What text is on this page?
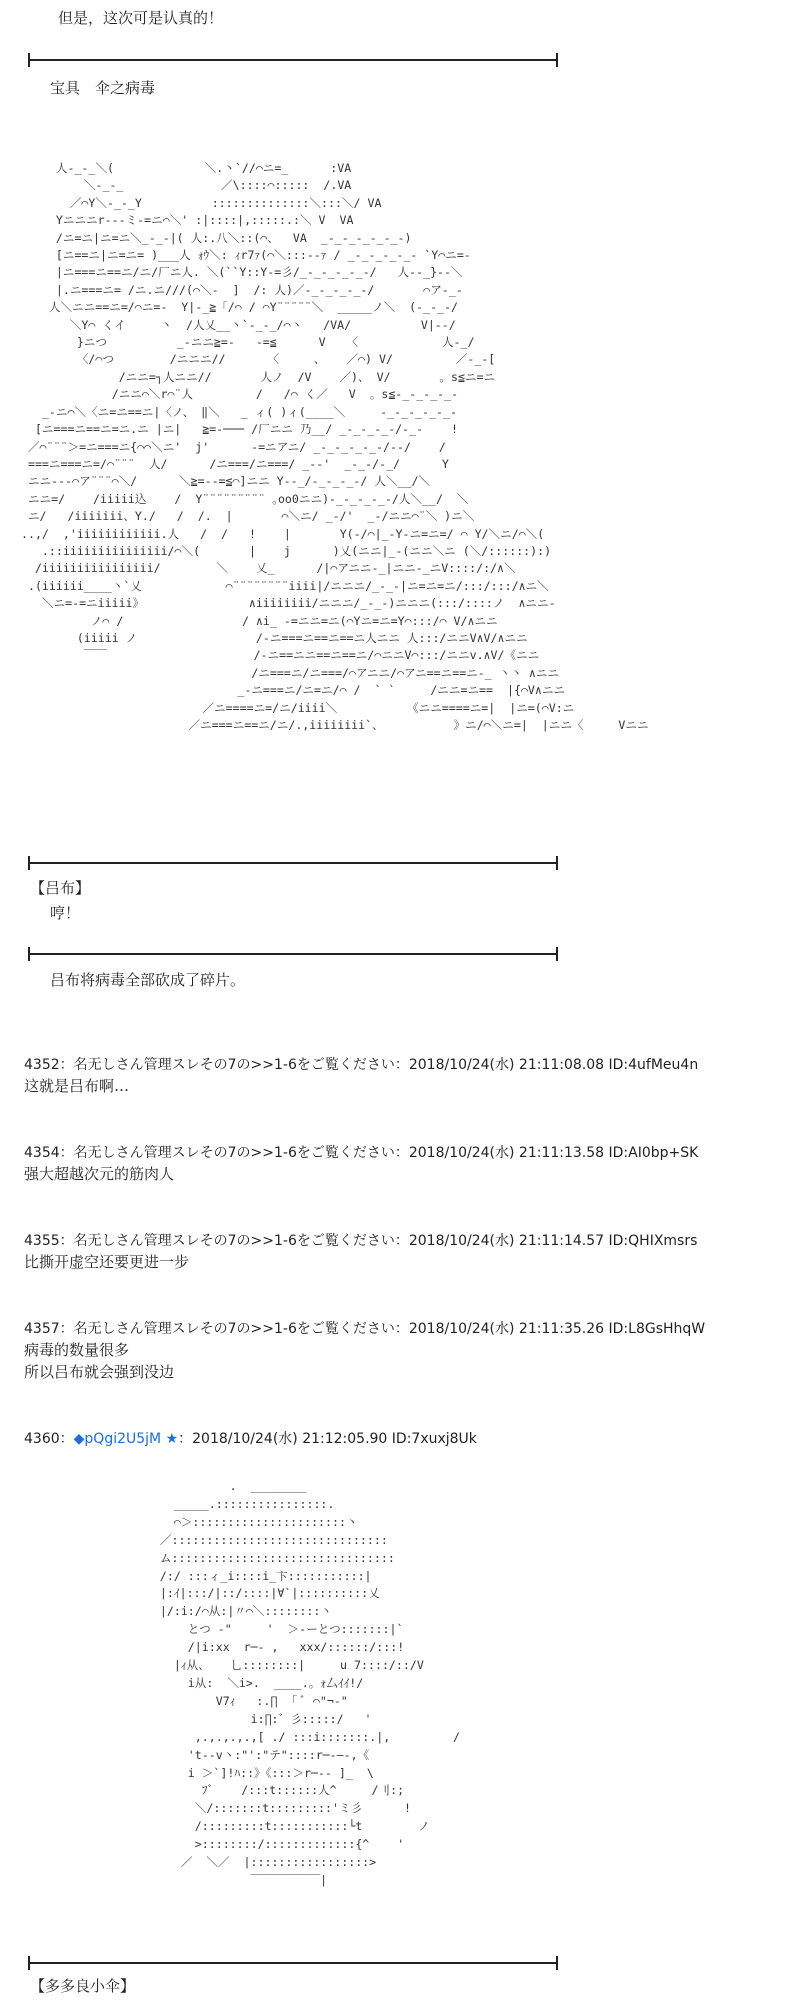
但是，这次可是认真的！
宝具　伞之病毒
人-_-_＼(             ＼.丶`//⌒ニ=_      :VA
＼-_-_              ／\::::⌒:::::  /.VA
／⌒Y＼-_-_Y          ::::::::::::::＼:::＼/ VA
Yニニニr---ミ-=ニ⌒＼' :|::::|,:::::.:＼ V  VA
/ニ=ニ|ニ=ニ＼_-_-|( 人:.八＼::(⌒、  VA  _-_-_-_-_-_-)
[ニ==ニ|ニ=ニ= )___人 ｫｳ＼: ｨr7ｧ(⌒＼:::--ｧ / _-_-_-_-_- `Y⌒ニ=-
|ニ===ニ==ニ/ニ/厂ニ人. ＼(``Y::Y-=彡/_-_-_-_-_-/   人--_}--＼
|.ニ===ニ= /ニ.ニ///(⌒＼-  ]  /: 人)／-_-_-_-_-/       ⌒ア-_-
人＼ニニ==ニ=/⌒ニ=-  Y|-_≧「/⌒ / ⌒Y¨¨¨¨¨＼  _____ノ＼  (-_-_-/
＼Y⌒ くイ     丶  /人乂__丶`-_-_/⌒丶   /VA/          V|--/
}ニつ          _-ニニ≧=-   -=≦      V   〈            人-_/
〈/⌒つ        /ニニニ//      〈     、   ／⌒) V/         ／-_-[
/ニニ=┐人ニニ//       人ノ  /V    ／)、 V/       。s≦ニ=ニ
/ニニ⌒＼r⌒¨人         /   /⌒ く／   V  。s≦-_-_-_-_-
_-ニ⌒＼〈ニ=ニ==ニ|〈ノ、 ‖＼   _ ィ( )ィ(____＼     -_-_-_-_-_-
[ニ===ニ==ニ=ニ.ニ |ニ|   ≧=-─── /厂ニニ 乃__/ _-_-_-_-/-_-    !
／⌒¨¨¨＞=ニ===ニ{⌒⌒＼ニ'  j'      -=ニアニ/ _-_-_-_-_-/--/    /
===ニ===ニ=/⌒¨¨¨  人/      /ニ===/ニ===/ _--'  _-_-/-_/      Y
ニニ---⌒ア¨¨¨⌒＼/      ＼≧=--=≦⌒]ニニ Y--_/-_-_-_-/ 人＼__/＼
ニニ=/    /iiiii込    /  Y¨¨¨¨¨¨¨¨¨ ｡oo0ニニ)-_-_-_-_-/人＼__/  ＼
ニ/   /iiiiiii、Y./   /  /.  |       ⌒＼ニ/ _-/'  _-/ニニ⌒¨＼ )ニ＼
..,/  ,'iiiiiiiiiiii.人   /  /   !    |       Y(-/⌒|_-Y-ニ=ニ=/ ⌒ Y/＼ニ/⌒＼(
.::iiiiiiiiiiiiiii/⌒＼(       |    j      )乂(ニニ|_-(ニニ＼ニ (＼/::::::):)
/iiiiiiiiiiiiiiii/        ＼    乂_      /|⌒アニニ-_|ニニ-_ニV::::/:/∧＼
.(iiiiii____丶`乂            ⌒¨¨¨¨¨¨¨¨iiii|/ニニニ/_-_-|ニ=ニ=ニ/:::/:::/∧ニ＼
＼ニ=-=ニiiiii》               ∧iiiiiiii/ニニニ/_-_-)ニニニ(:::/::::ノ  ∧ニニ-
ノ⌒ /                 / ∧i_ -=ニニ=ニ(⌒Yニ=ニ=Y⌒:::/⌒ V/∧ニニ
(iiiii ノ                 /-ニ===ニ==ニ==ニ人ニニ 人:::/ニニV∧V/∧ニニ
￣￣                     /-ニ==ニニ==ニ==ニ/⌒ニニV⌒:::/ニニv.∧V/《ニニ
/ニ===ニ/ニ===/⌒アニニ/⌒アニ==ニ==ニ-_ 丶丶 ∧ニニ
_-ニ===ニ/ニ=ニ/⌒ /  ` `     /ニニ=ニ==  |{⌒V∧ニニ
／ニ====ニ=/ニ/iiii＼          《ニニ====ニ=|  |ニ=(⌒V:ニ
／ニ===ニ==ニ/ニ/.,iiiiiiii`、          》ニ/⌒＼ニ=|  |ニニ〈     Vニニ
【吕布】
哼！
吕布将病毒全部砍成了碎片。
4352：名无しさん管理スレその7の>>1-6をご覧ください：2018/10/24(水) 21:11:08.08 ID:4ufMeu4n
这就是吕布啊…
4354：名无しさん管理スレその7の>>1-6をご覧ください：2018/10/24(水) 21:11:13.58 ID:AI0bp+SK
强大超越次元的筋肉人
4355：名无しさん管理スレその7の>>1-6をご覧ください：2018/10/24(水) 21:11:14.57 ID:QHIXmsrs
比撕开虚空还要更进一步
4357：名无しさん管理スレその7の>>1-6をご覧ください：2018/10/24(水) 21:11:35.26 ID:L8GsHhqW
病毒的数量很多
所以吕布就会强到没边
4360：◆pQgi2U5jM ★：2018/10/24(水) 21:12:05.90 ID:7xuxj8Uk
.  ________
_____.::::::::::::::::.
⌒＞::::::::::::::::::::::丶
／:::::::::::::::::::::::::::::::
ム::::::::::::::::::::::::::::::::
/:/ :::ィ_i::::i_卞:::::::::::|
|:ｲ|:::/|::/::::|∀`|::::::::::乂
|/:i:/⌒从:|〃⌒＼::::::::丶
とつ -"     '  ＞-ーとつ:::::::|`
/|i:xx  r─- ,   xxx/::::::/:::!
|ｨ从、   乚::::::::|     u 7::::/::/V
i从:  ＼i>.  ____.。ｫ厶ｲｲ!/
V7ｨ   :.∏  ｢ ﾞ ⌒"¬-"
i:∏:゛彡:::::/   '
,.,.,.,.,[ ./ :::i:::::::.|,         /
't‐-v丶:"':"テ"::::r─-—-,《
i ＞`]!ﾊ::》《:::＞r─-- ]_  \
ﾌﾞ    /:::t::::::人^     /刂:;
＼/:::::::t:::::::::'ミ彡      !
/:::::::::t:::::::::::└t        ノ
>::::::::/:::::::::::::{^    '
／  ＼／  |:::::::::::::::::>
￣￣￣￣￣￣|
【多多良小伞】
